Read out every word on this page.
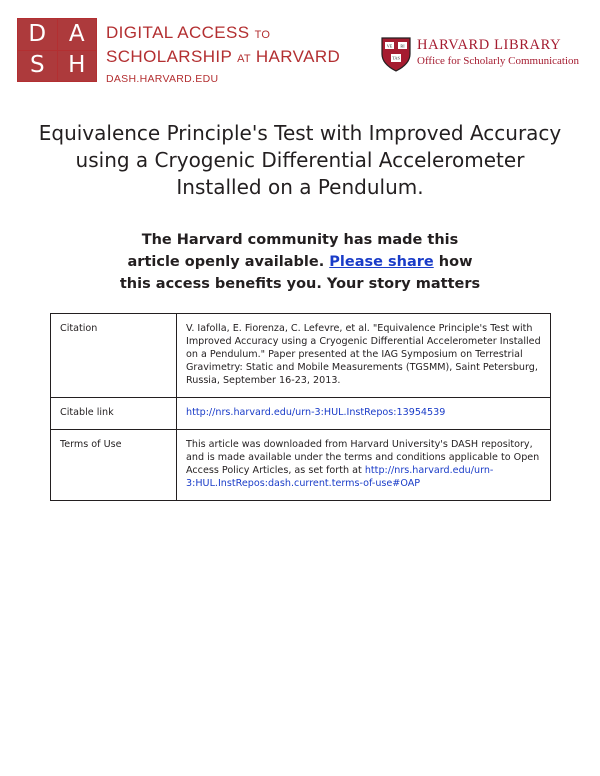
D A
S	H
DIGITAL ACCESS TO
SCHOLARSHIP AT HARVARD
DASH.HARVARD.EDU
VE RI
TAS
HARVARD LIBRARY
Office for Scholarly Communication
Equivalence Principle's Test with Improved Accuracy using a Cryogenic Differential Accelerometer Installed on a Pendulum.
The Harvard community has made this
article openly available. Please share how
this access benefits you. Your story matters
Citation	V. Iafolla, E. Fiorenza, C. Lefevre, et al. "Equivalence Principle's Test with Improved Accuracy using a Cryogenic Differential Accelerometer Installed on a Pendulum." Paper presented at the IAG Symposium on Terrestrial Gravimetry: Static and Mobile Measurements (TGSMM), Saint Petersburg, Russia, September 16-23, 2013.
Citable link	http://nrs.harvard.edu/urn-3:HUL.InstRepos:13954539
Terms of Use	This article was downloaded from Harvard University's DASH repository, and is made available under the terms and conditions applicable to Open Access Policy Articles, as set forth at http://nrs.harvard.edu/urn-3:HUL.InstRepos:dash.current.terms-of-use#OAP
